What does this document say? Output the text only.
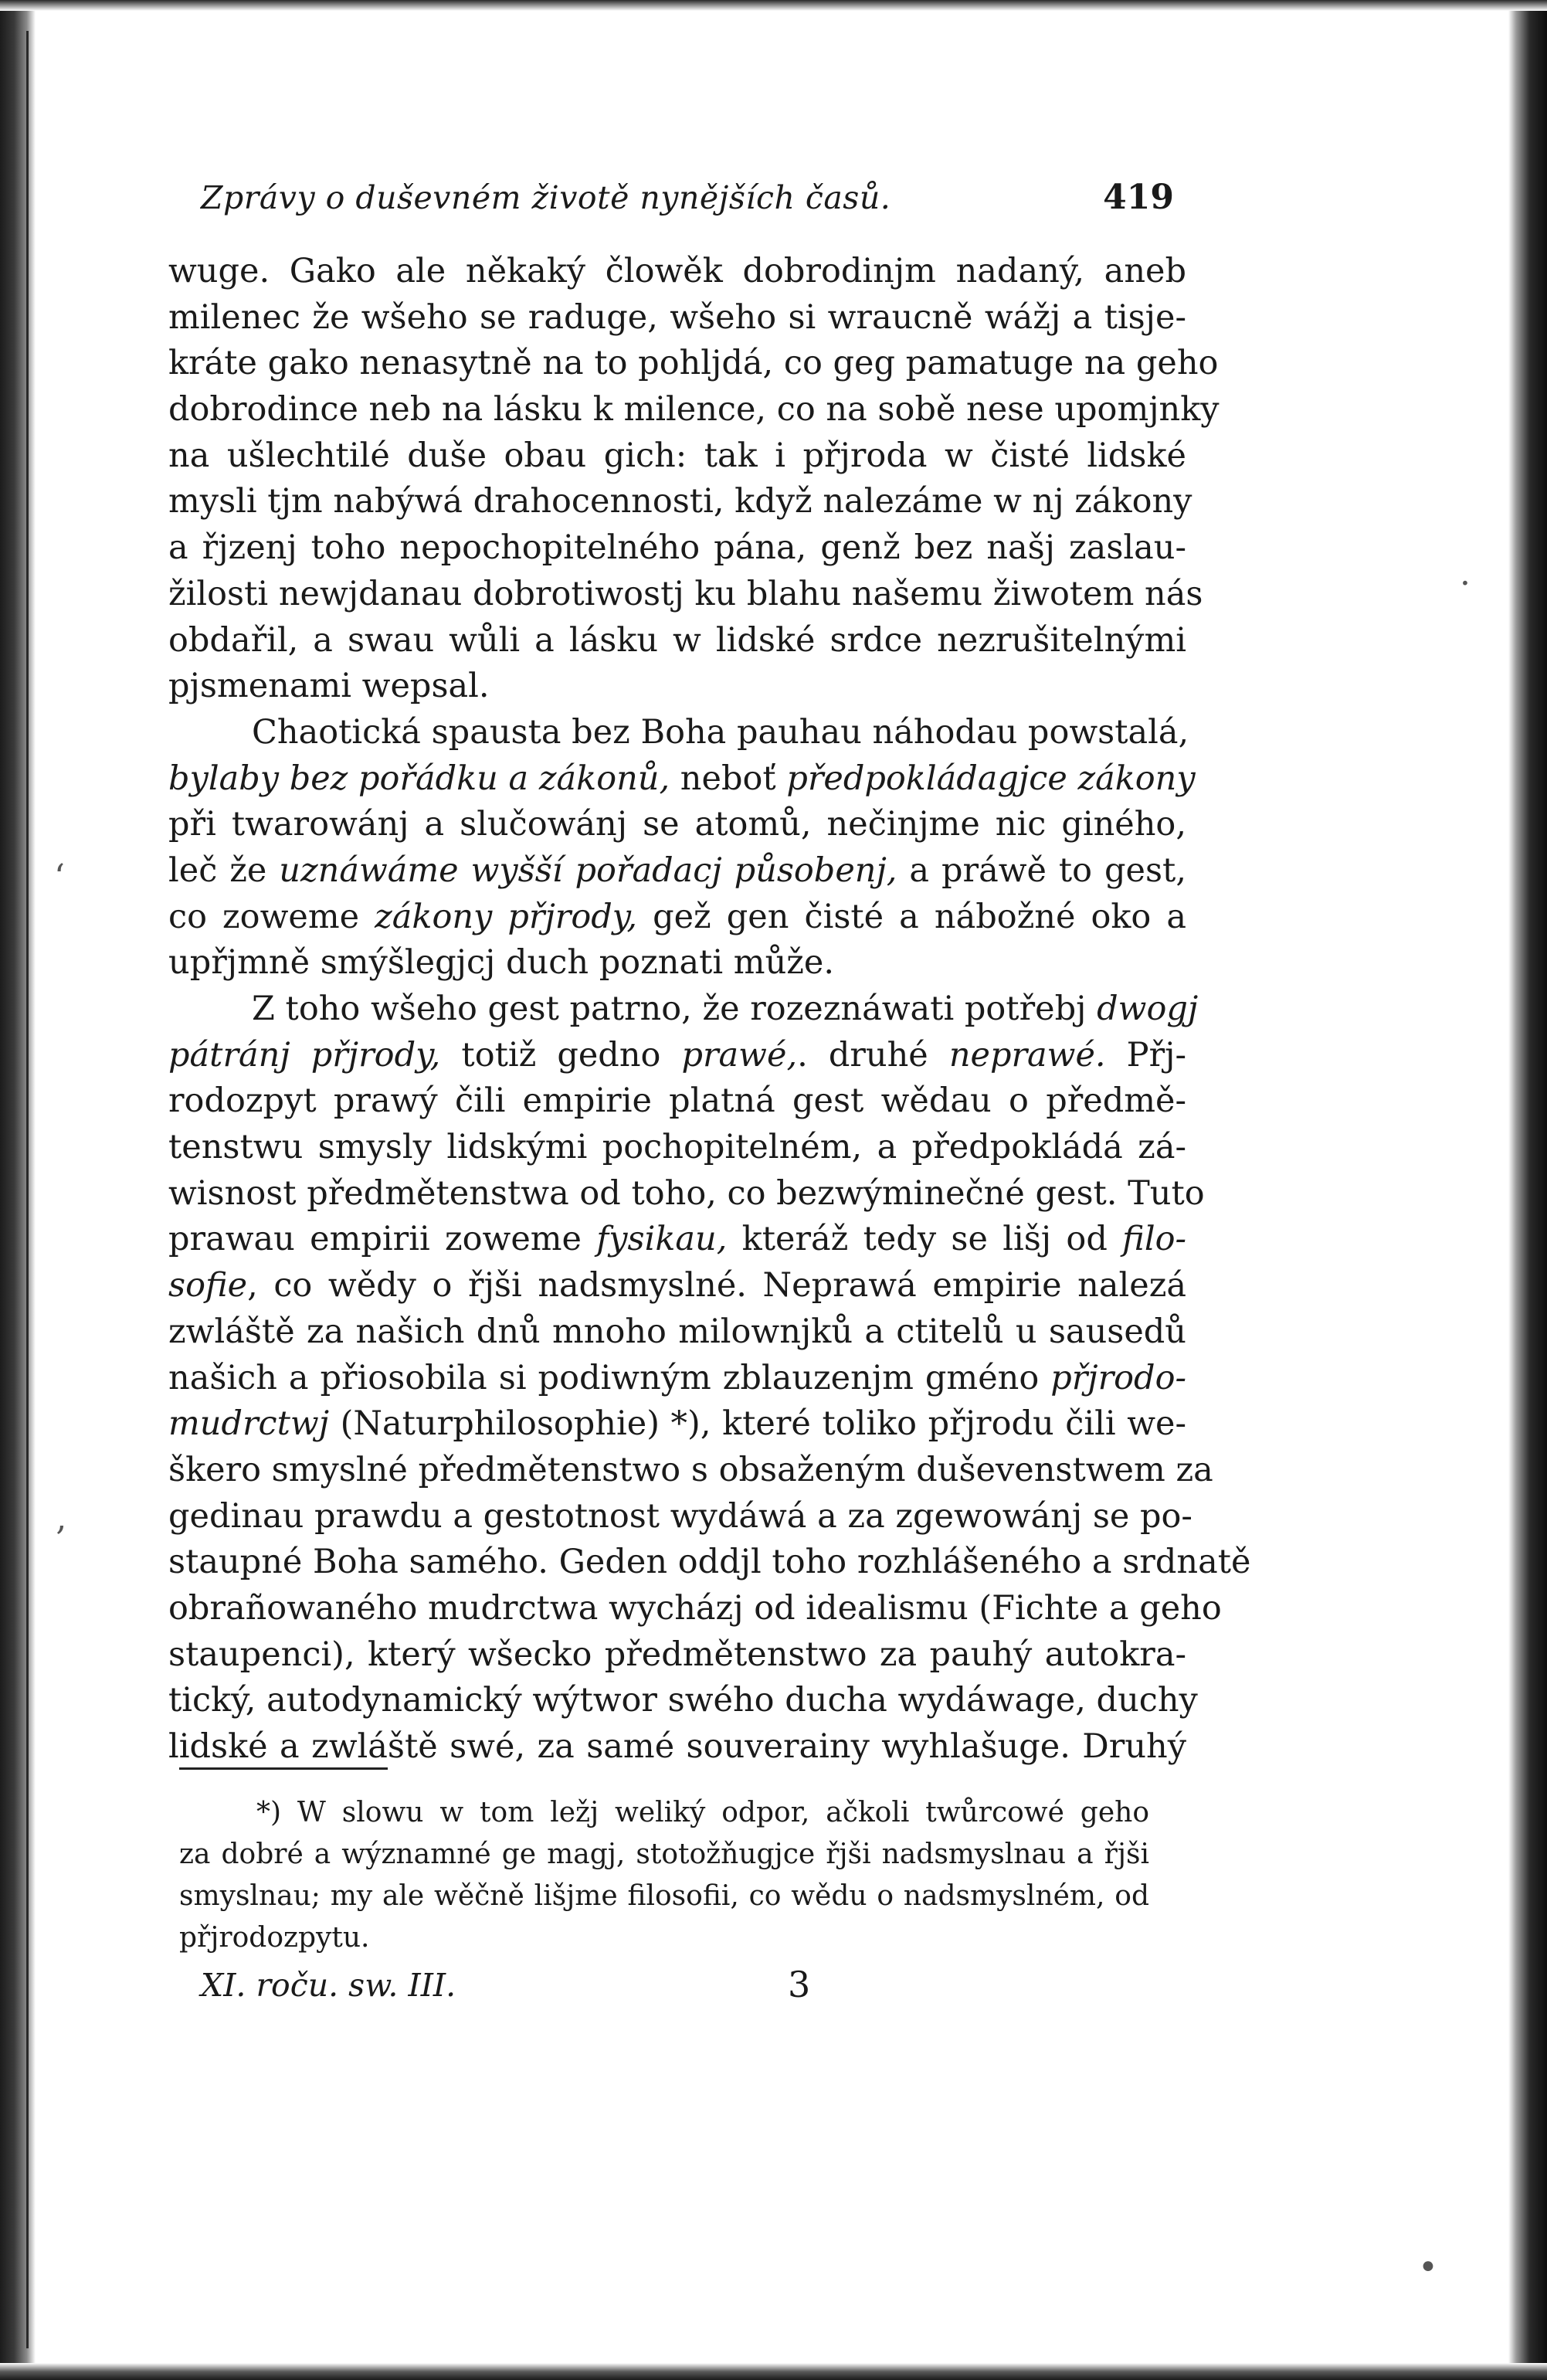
‘
‚
·
•
Zprávy o duševném životě nynějších časů.	419
wuge. Gako ale někaký člowěk dobrodinjm nadaný, aneb
milenec že wšeho se raduge, wšeho si wraucně wážj a tisje-
kráte gako nenasytně na to pohljdá, co geg pamatuge na geho
dobrodince neb na lásku k milence, co na sobě nese upomjnky
na ušlechtilé duše obau gich: tak i přjroda w čisté lidské
mysli tjm nabýwá drahocennosti, když nalezáme w nj zákony
a řjzenj toho nepochopitelného pána, genž bez našj zaslau-
žilosti newjdanau dobrotiwostj ku blahu našemu žiwotem nás
obdařil, a swau wůli a lásku w lidské srdce nezrušitelnými
pjsmenami wepsal.
Chaotická spausta bez Boha pauhau náhodau powstalá,
bylaby bez pořádku a zákonů, neboť předpokládagjce zákony
při twarowánj a slučowánj se atomů, nečinjme nic giného,
leč že uznáwáme wyšší pořadacj působenj, a práwě to gest,
co zoweme zákony přjrody, gež gen čisté a nábožné oko a
upřjmně smýšlegjcj duch poznati může.
Z toho wšeho gest patrno, že rozeznáwati potřebj dwogj
pátránj přjrody, totiž gedno prawé,. druhé neprawé. Přj-
rodozpyt prawý čili empirie platná gest wědau o předmě-
tenstwu smysly lidskými pochopitelném, a předpokládá zá-
wisnost předmětenstwa od toho, co bezwýminečné gest. Tuto
prawau empirii zoweme fysikau, kteráž tedy se lišj od filo-
sofie, co wědy o řjši nadsmyslné. Neprawá empirie nalezá
zwláště za našich dnů mnoho milownjků a ctitelů u sausedů
našich a přiosobila si podiwným zblauzenjm gméno přjrodo-
mudrctwj (Naturphilosophie) *), které toliko přjrodu čili we-
škero smyslné předmětenstwo s obsaženým duševenstwem za
gedinau prawdu a gestotnost wydáwá a za zgewowánj se po-
staupné Boha samého. Geden oddjl toho rozhlášeného a srdnatě
obrañowaného mudrctwa wycházj od idealismu (Fichte a geho
staupenci), který wšecko předmětenstwo za pauhý autokra-
tický, autodynamický wýtwor swého ducha wydáwage, duchy
lidské a zwláště swé, za samé souverainy wyhlašuge. Druhý
*) W slowu w tom ležj weliký odpor, ačkoli twůrcowé geho
za dobré a wýznamné ge magj, stotožňugjce řjši nadsmyslnau a řjši
smyslnau; my ale wěčně lišjme filosofii, co wědu o nadsmyslném, od
přjrodozpytu.
XI. roču. sw. III.	3
